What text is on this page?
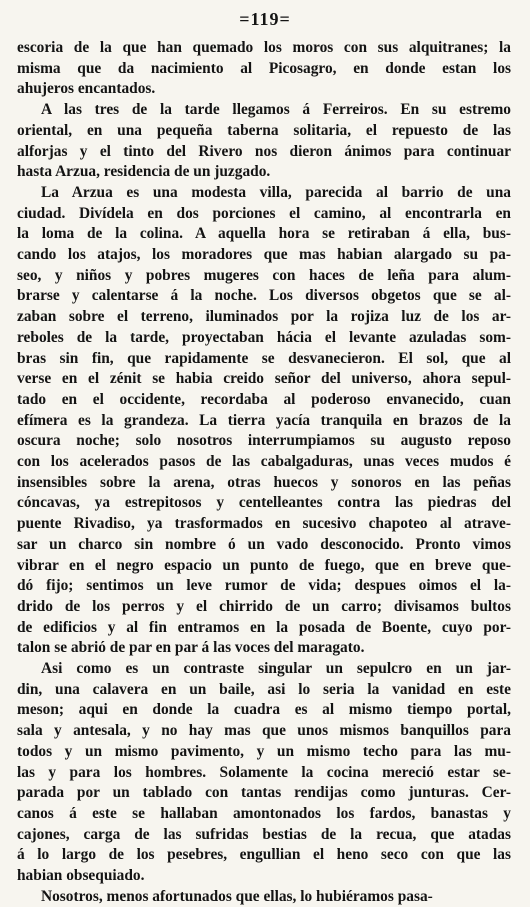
=119=
escoria de la que han quemado los moros con sus alquitranes; la
misma que da nacimiento al Picosagro, en donde estan los
ahujeros encantados.
A las tres de la tarde llegamos á Ferreiros. En su estremo
oriental, en una pequeña taberna solitaria, el repuesto de las
alforjas y el tinto del Rivero nos dieron ánimos para continuar
hasta Arzua, residencia de un juzgado.
La Arzua es una modesta villa, parecida al barrio de una
ciudad. Divídela en dos porciones el camino, al encontrarla en
la loma de la colina. A aquella hora se retiraban á ella, bus-
cando los atajos, los moradores que mas habian alargado su pa-
seo, y niños y pobres mugeres con haces de leña para alum-
brarse y calentarse á la noche. Los diversos obgetos que se al-
zaban sobre el terreno, iluminados por la rojiza luz de los ar-
reboles de la tarde, proyectaban hácia el levante azuladas som-
bras sin fin, que rapidamente se desvanecieron. El sol, que al
verse en el zénit se habia creido señor del universo, ahora sepul-
tado en el occidente, recordaba al poderoso envanecido, cuan
efímera es la grandeza. La tierra yacía tranquila en brazos de la
oscura noche; solo nosotros interrumpiamos su augusto reposo
con los acelerados pasos de las cabalgaduras, unas veces mudos é
insensibles sobre la arena, otras huecos y sonoros en las peñas
cóncavas, ya estrepitosos y centelleantes contra las piedras del
puente Rivadiso, ya trasformados en sucesivo chapoteo al atrave-
sar un charco sin nombre ó un vado desconocido. Pronto vimos
vibrar en el negro espacio un punto de fuego, que en breve que-
dó fijo; sentimos un leve rumor de vida; despues oimos el la-
drido de los perros y el chirrido de un carro; divisamos bultos
de edificios y al fin entramos en la posada de Boente, cuyo por-
talon se abrió de par en par á las voces del maragato.
Asi como es un contraste singular un sepulcro en un jar-
din, una calavera en un baile, asi lo seria la vanidad en este
meson; aqui en donde la cuadra es al mismo tiempo portal,
sala y antesala, y no hay mas que unos mismos banquillos para
todos y un mismo pavimento, y un mismo techo para las mu-
las y para los hombres. Solamente la cocina mereció estar se-
parada por un tablado con tantas rendijas como junturas. Cer-
canos á este se hallaban amontonados los fardos, banastas y
cajones, carga de las sufridas bestias de la recua, que atadas
á lo largo de los pesebres, engullian el heno seco con que las
habian obsequiado.
Nosotros, menos afortunados que ellas, lo hubiéramos pasa-
